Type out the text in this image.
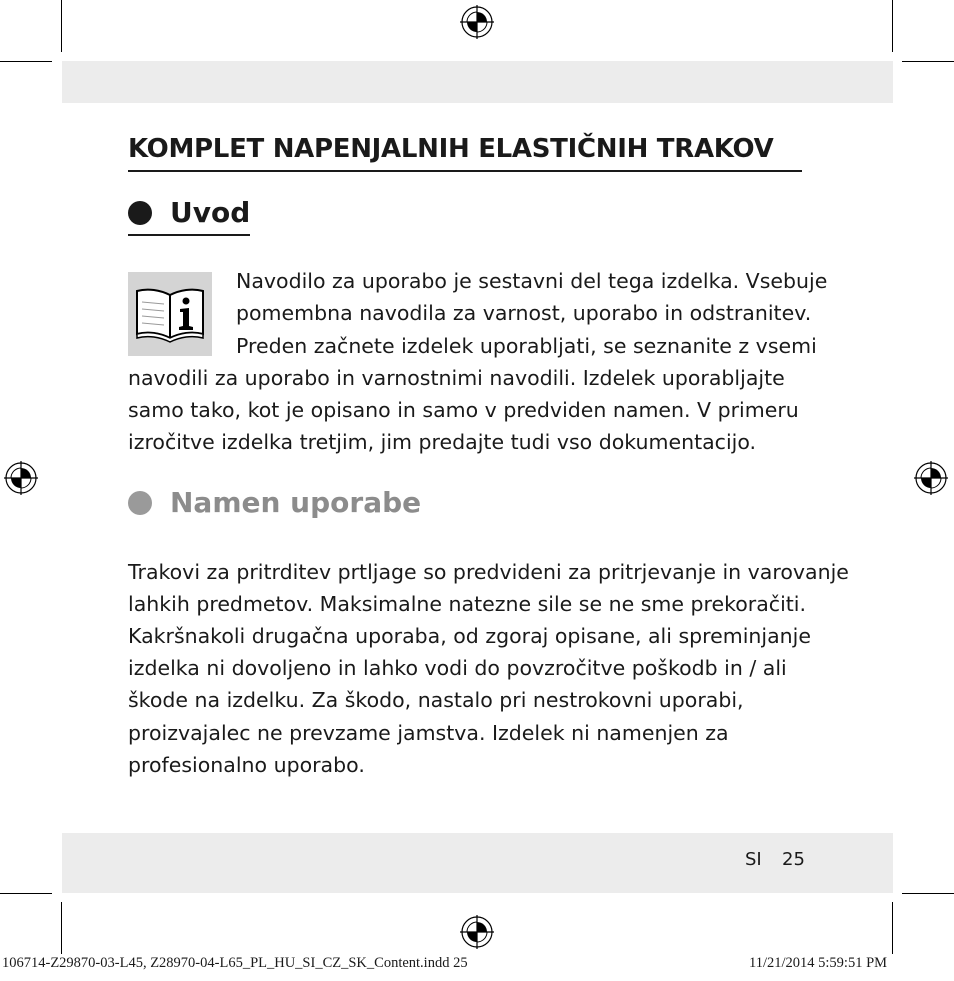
KOMPLET NAPENJALNIH ELASTIČNIH TRAKOV
Uvod
Navodilo za uporabo je sestavni del tega izdelka. Vsebuje
pomembna navodila za varnost, uporabo in odstranitev.
Preden začnete izdelek uporabljati, se seznanite z vsemi
navodili za uporabo in varnostnimi navodili. Izdelek uporabljajte
samo tako, kot je opisano in samo v predviden namen. V primeru
izročitve izdelka tretjim, jim predajte tudi vso dokumentacijo.
Namen uporabe
Trakovi za pritrditev prtljage so predvideni za pritrjevanje in varovanje
lahkih predmetov. Maksimalne natezne sile se ne sme prekoračiti.
Kakršnakoli drugačna uporaba, od zgoraj opisane, ali spreminjanje
izdelka ni dovoljeno in lahko vodi do povzročitve poškodb in / ali
škode na izdelku. Za škodo, nastalo pri nestrokovni uporabi,
proizvajalec ne prevzame jamstva. Izdelek ni namenjen za
profesionalno uporabo.
SI 25
106714-Z29870-03-L45, Z28970-04-L65_PL_HU_SI_CZ_SK_Content.indd 25	11/21/2014 5:59:51 PM
